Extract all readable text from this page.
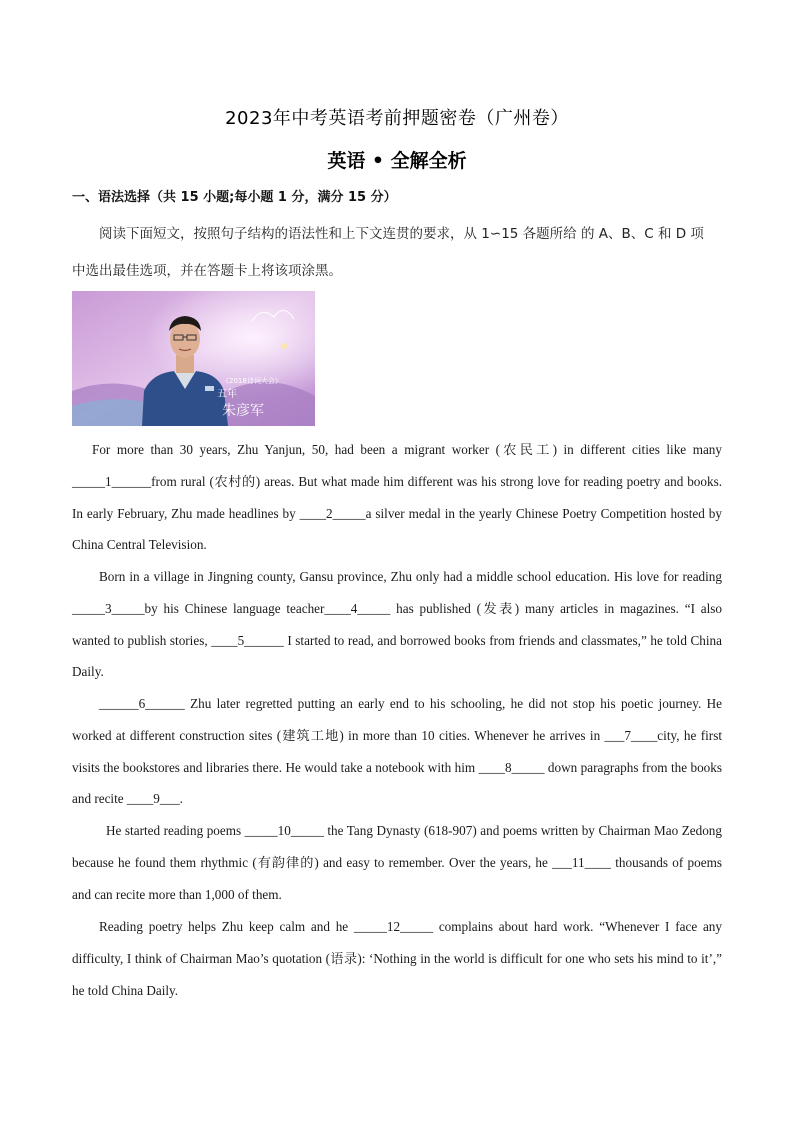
2023年中考英语考前押题密卷（广州卷）
英语 • 全解全析
一、语法选择（共 15 小题;每小题 1 分，满分 15 分）
阅读下面短文，按照句子结构的语法性和上下文连贯的要求，从 1∽15 各题所给 的 A、B、C 和 D 项
中选出最佳选项，并在答题卡上将该项涂黑。
《2018诗词大会》
五年
朱彦军
For more than 30 years, Zhu Yanjun, 50, had been a migrant worker (农民工) in different cities like many _____1______from rural (农村的) areas. But what made him different was his strong love for reading poetry and books. In early February, Zhu made headlines by ____2_____a silver medal in the yearly Chinese Poetry Competition hosted by China Central Television.
Born in a village in Jingning county, Gansu province, Zhu only had a middle school education. His love for reading _____3_____by his Chinese language teacher____4_____ has published (发表) many articles in magazines. “I also wanted to publish stories, ____5______ I started to read, and borrowed books from friends and classmates,” he told China Daily.
______6______ Zhu later regretted putting an early end to his schooling, he did not stop his poetic journey. He worked at different construction sites (建筑工地) in more than 10 cities. Whenever he arrives in ___7____city, he first visits the bookstores and libraries there. He would take a notebook with him ____8_____ down paragraphs from the books and recite ____9___.
He started reading poems _____10_____ the Tang Dynasty (618-907) and poems written by Chairman Mao Zedong because he found them rhythmic (有韵律的) and easy to remember. Over the years, he ___11____ thousands of poems and can recite more than 1,000 of them.
Reading poetry helps Zhu keep calm and he _____12_____ complains about hard work. “Whenever I face any difficulty, I think of Chairman Mao’s quotation (语录): ‘Nothing in the world is difficult for one who sets his mind to it’,” he told China Daily.
